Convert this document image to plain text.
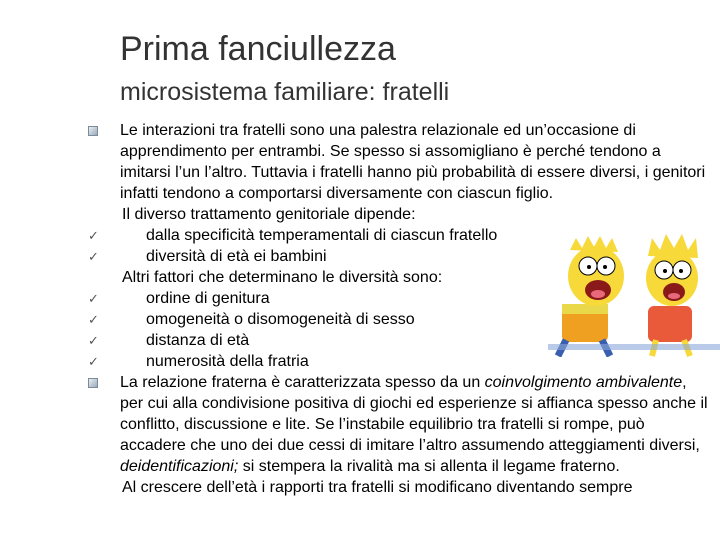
Prima fanciullezza
microsistema familiare: fratelli
Le interazioni tra fratelli sono una palestra relazionale ed un’occasione di apprendimento per entrambi. Se spesso si assomigliano è perché tendono a imitarsi l’un l’altro. Tuttavia i fratelli hanno più probabilità di essere diversi, i genitori infatti tendono a comportarsi diversamente con ciascun figlio.
Il diverso trattamento genitoriale dipende:
✓	dalla specificità temperamentali di ciascun fratello
✓	diversità di età ei bambini
Altri fattori che determinano le diversità sono:
✓	ordine di genitura
✓	omogeneità o disomogeneità di sesso
✓	distanza di età
✓	numerosità della fratria
La relazione fraterna è caratterizzata spesso da un coinvolgimento ambivalente, per cui alla condivisione positiva di giochi ed esperienze si affianca spesso anche il conflitto, discussione e lite. Se l’instabile equilibrio tra fratelli si rompe, può accadere che uno dei due cessi di imitare l’altro assumendo atteggiamenti diversi, deidentificazioni; si stempera la rivalità ma si allenta il legame fraterno.
Al crescere dell’età i rapporti tra fratelli si modificano diventando sempre
